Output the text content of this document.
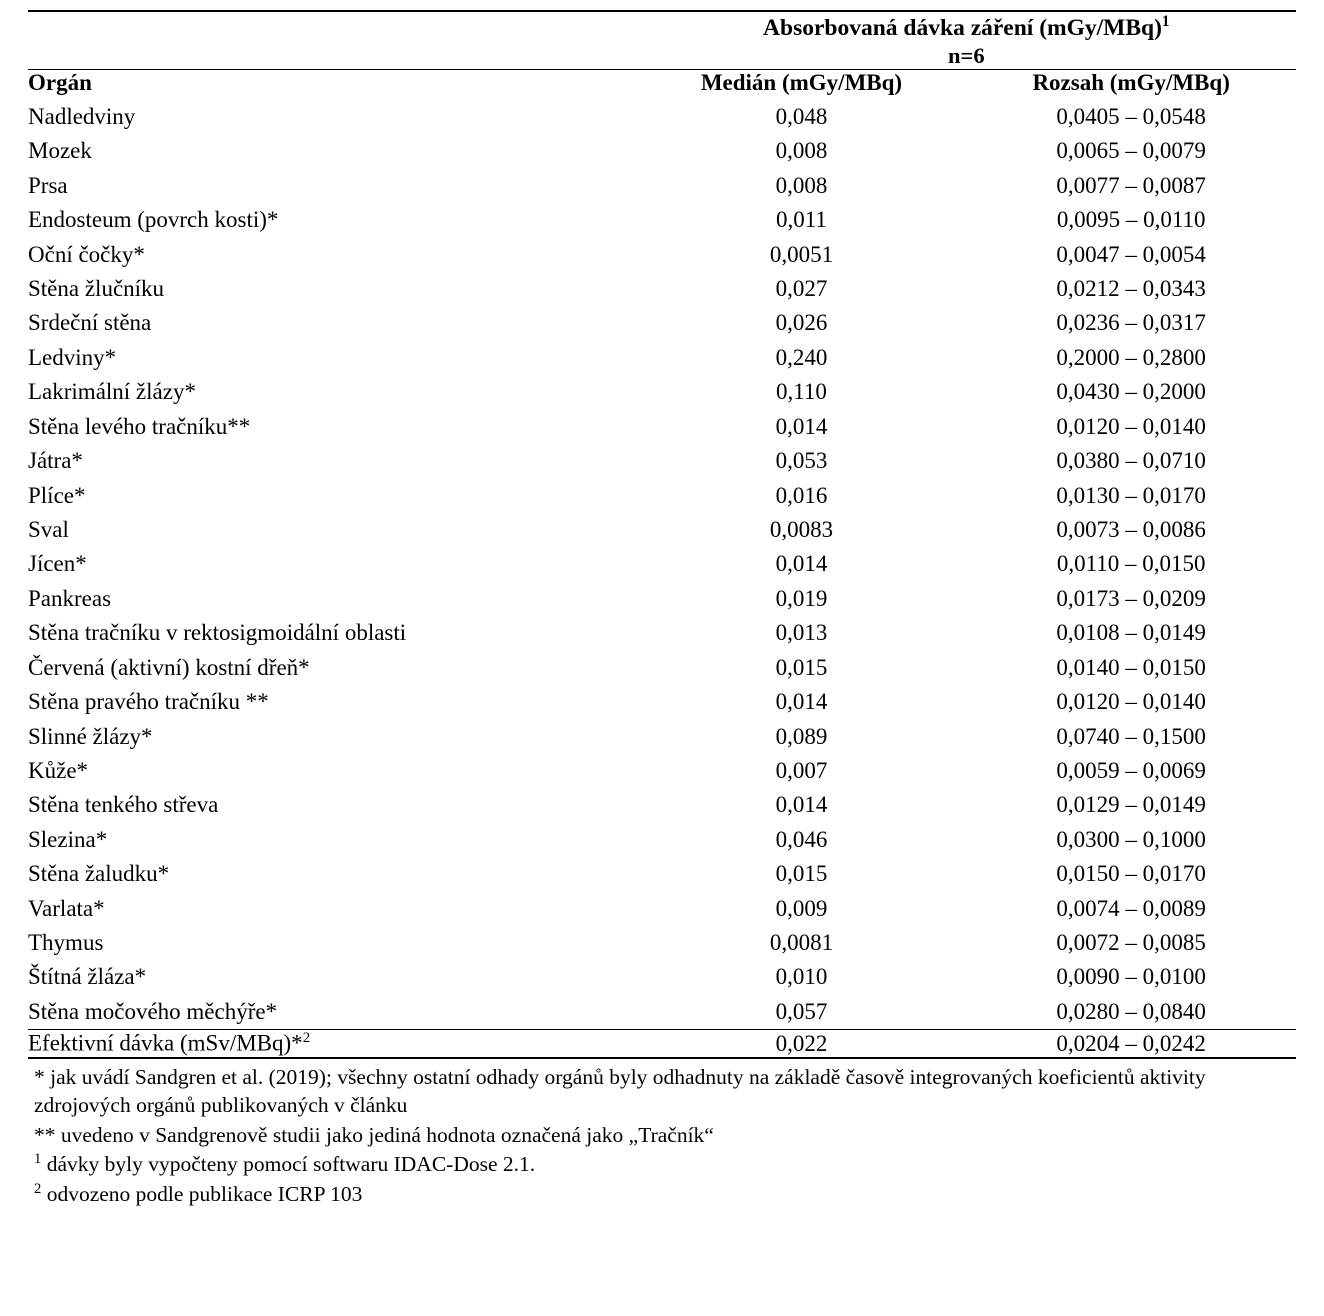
	Absorbovaná dávka záření $(mGy/MBq)^1$
	n=6	
Orgán	Medián (mGy/MBq)	Rozsah (mGy/MBq)
Nadledviny	0,048	0,0405 – 0,0548
Mozek	0,008	0,0065 – 0,0079
Prsa	0,008	0,0077 – 0,0087
Endosteum (povrch kosti)*	0,011	0,0095 – 0,0110
Oční čočky*	0,0051	0,0047 – 0,0054
Stěna žlučníku	0,027	0,0212 – 0,0343
Srdeční stěna	0,026	0,0236 – 0,0317
Ledviny*	0,240	0,2000 – 0,2800
Lakrimální žlázy*	0,110	0,0430 – 0,2000
Stěna levého tračníku**	0,014	0,0120 – 0,0140
Játra*	0,053	0,0380 – 0,0710
Plíce*	0,016	0,0130 – 0,0170
Sval	0,0083	0,0073 – 0,0086
Jícen*	0,014	0,0110 – 0,0150
Pankreas	0,019	0,0173 – 0,0209
Stěna tračníku v rektosigmoidální oblasti	0,013	0,0108 – 0,0149
Červená (aktivní) kostní dřeň*	0,015	0,0140 – 0,0150
Stěna pravého tračníku **	0,014	0,0120 – 0,0140
Slinné žlázy*	0,089	0,0740 – 0,1500
Kůže*	0,007	0,0059 – 0,0069
Stěna tenkého střeva	0,014	0,0129 – 0,0149
Slezina*	0,046	0,0300 – 0,1000
Stěna žaludku*	0,015	0,0150 – 0,0170
Varlata*	0,009	0,0074 – 0,0089
Thymus	0,0081	0,0072 – 0,0085
Štítná žláza*	0,010	0,0090 – 0,0100
Stěna močového měchýře*	0,057	0,0280 – 0,0840
Efektivní dávka (mSv/MBq)*$^2$	0,022	0,0204 – 0,0242

* jak uvádí Sandgren et al. (2019); všechny ostatní odhady orgánů byly odhadnuty na základě časově integrovaných koeficientů aktivity zdrojových orgánů publikovaných v článku

** uvedeno v Sandgrenově studii jako jediná hodnota označená jako „Tračník“

$^1$ dávky byly vypočteny pomocí softwaru IDAC-Dose 2.1.

$^2$ odvozeno podle publikace ICRP 103
